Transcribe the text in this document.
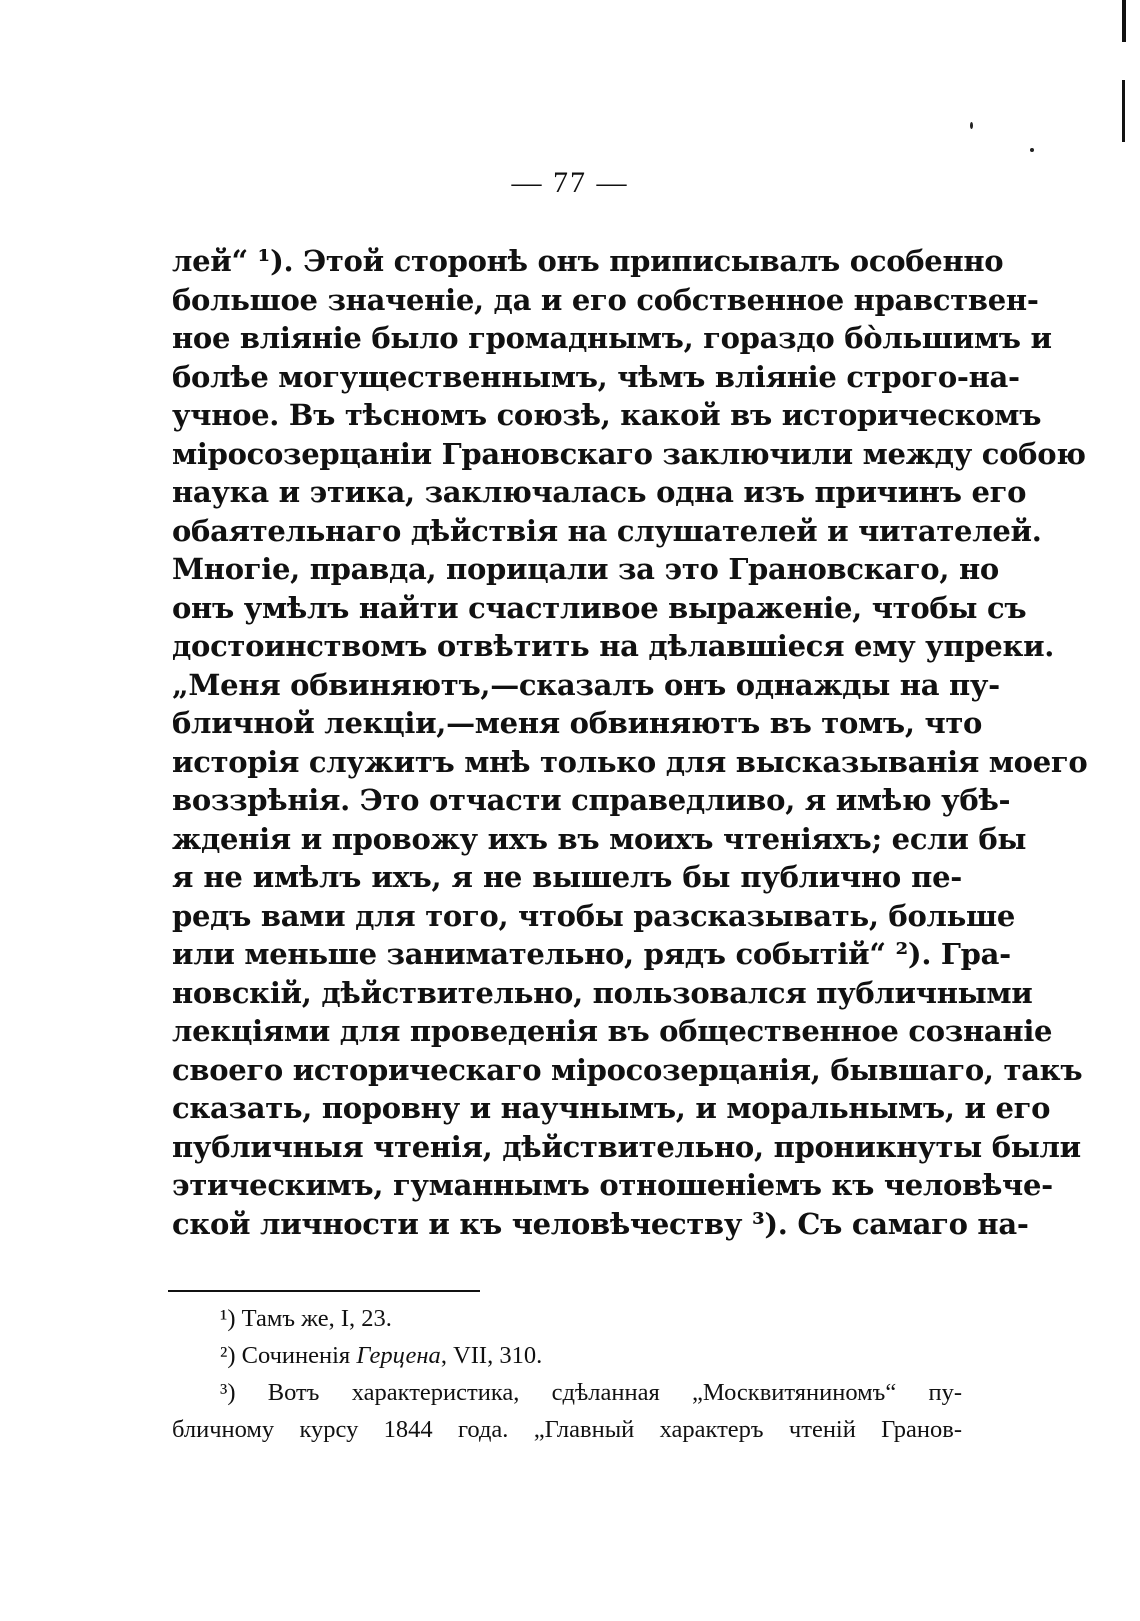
— 77 —
лей“ ¹). Этой сторонѣ онъ приписывалъ особенно
большое значенiе, да и его собственное нравствен-
ное влiянiе было громаднымъ, гораздо бо̀льшимъ и
болѣе могущественнымъ, чѣмъ влiянiе строго-на-
учное. Въ тѣсномъ союзѣ, какой въ историческомъ
мiросозерцанiи Грановскаго заключили между собою
наука и этика, заключалась одна изъ причинъ его
обаятельнаго дѣйствiя на слушателей и читателей.
Многiе, правда, порицали за это Грановскаго, но
онъ умѣлъ найти счастливое выраженiе, чтобы съ
достоинствомъ отвѣтить на дѣлавшiеся ему упреки.
„Меня обвиняютъ,—сказалъ онъ однажды на пу-
бличной лекцiи,—меня обвиняютъ въ томъ, что
исторiя служитъ мнѣ только для высказыванiя моего
воззрѣнiя. Это отчасти справедливо, я имѣю убѣ-
жденiя и провожу ихъ въ моихъ чтенiяхъ; если бы
я не имѣлъ ихъ, я не вышелъ бы публично пе-
редъ вами для того, чтобы разсказывать, больше
или меньше занимательно, рядъ событiй“ ²). Гра-
новскiй, дѣйствительно, пользовался публичными
лекцiями для проведенiя въ общественное сознанiе
своего историческаго мiросозерцанiя, бывшаго, такъ
сказать, поровну и научнымъ, и моральнымъ, и его
публичныя чтенiя, дѣйствительно, проникнуты были
этическимъ, гуманнымъ отношенiемъ къ человѣче-
ской личности и къ человѣчеству ³). Съ самаго на-
¹) Тамъ же, I, 23.
²) Сочиненiя Герцена, VII, 310.
³) Вотъ характеристика, сдѣланная „Москвитяниномъ“ пу-
бличному курсу 1844 года. „Главный характеръ чтенiй Гранов-
